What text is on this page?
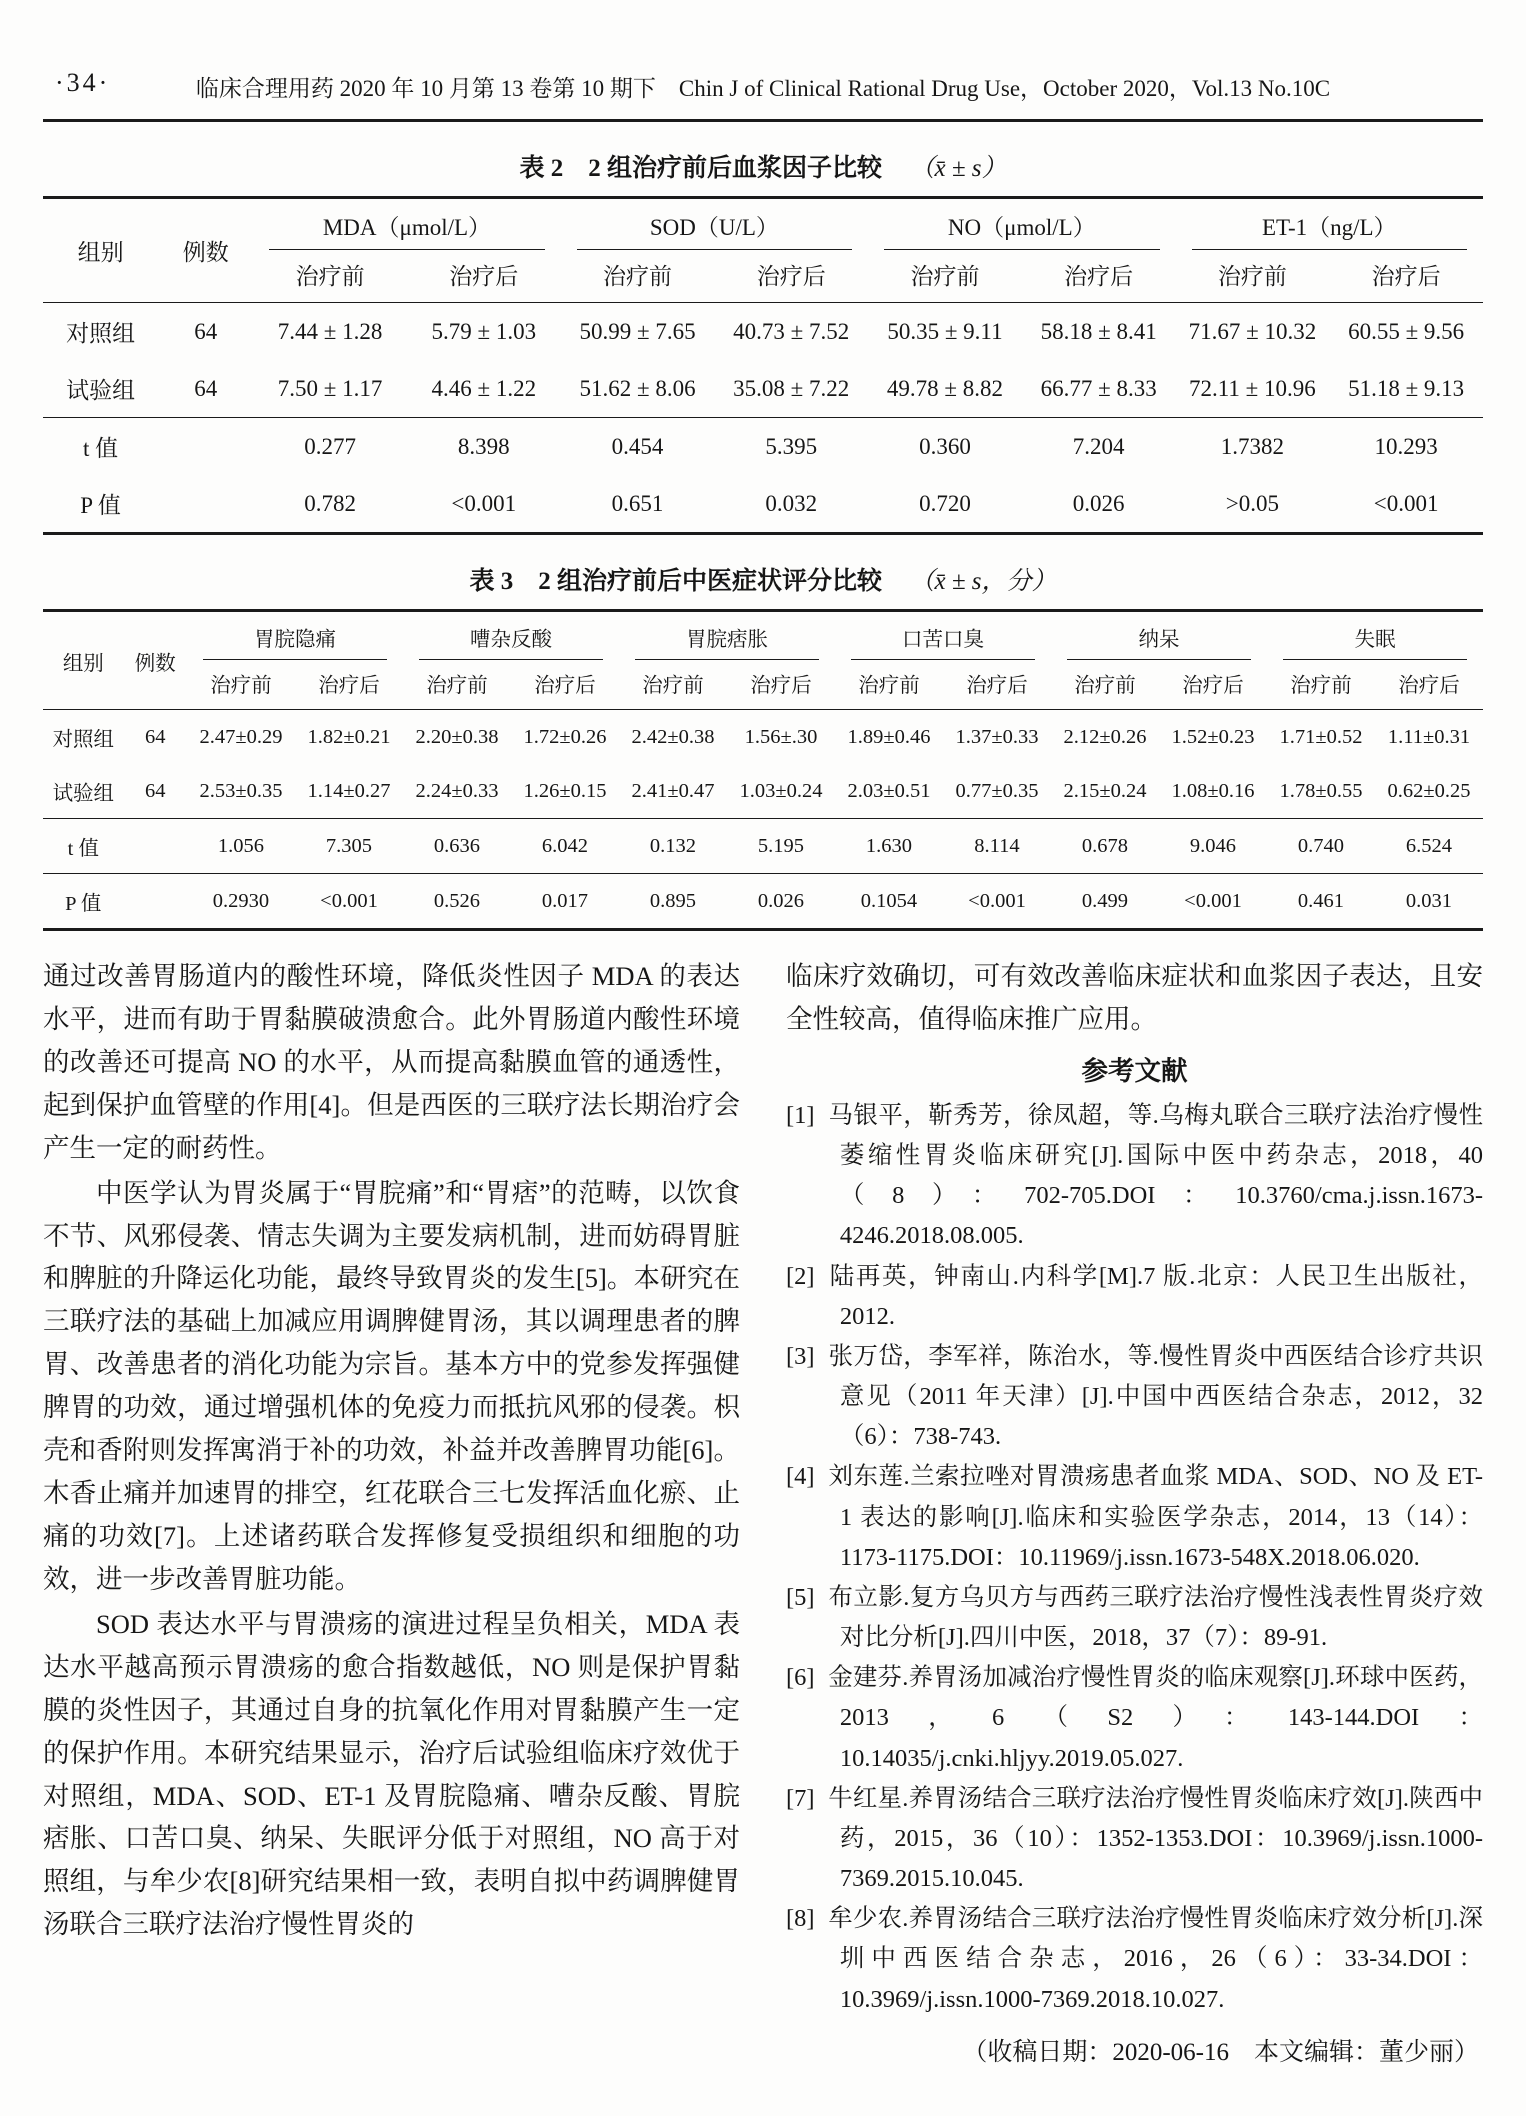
·34·	临床合理用药 2020 年 10 月第 13 卷第 10 期下　Chin J of Clinical Rational Drug Use，October 2020，Vol.13 No.10C
表 2 2 组治疗前后血浆因子比较 （x̄ ± s）
组别	例数	MDA（μmol/L）		SOD（U/L）		NO（μmol/L）		ET-1（ng/L）	

		治疗前	治疗后	治疗前	治疗后	治疗前	治疗后	治疗前	治疗后
对照组	64	7.44 ± 1.28	5.79 ± 1.03	50.99 ± 7.65	40.73 ± 7.52	50.35 ± 9.11	58.18 ± 8.41	71.67 ± 10.32	60.55 ± 9.56
试验组	64	7.50 ± 1.17	4.46 ± 1.22	51.62 ± 8.06	35.08 ± 7.22	49.78 ± 8.82	66.77 ± 8.33	72.11 ± 10.96	51.18 ± 9.13
t 值		0.277	8.398	0.454	5.395	0.360	7.204	1.7382	10.293
P 值		0.782	<0.001	0.651	0.032	0.720	0.026	>0.05	<0.001
表 3 2 组治疗前后中医症状评分比较 （x̄ ± s，分）
组别	例数	胃脘隐痛		嘈杂反酸		胃脘痞胀		口苦口臭		纳呆		失眠	

		治疗前	治疗后	治疗前	治疗后	治疗前	治疗后	治疗前	治疗后	治疗前	治疗后	治疗前	治疗后
对照组	64	2.47±0.29	1.82±0.21	2.20±0.38	1.72±0.26	2.42±0.38	1.56±.30	1.89±0.46	1.37±0.33	2.12±0.26	1.52±0.23	1.71±0.52	1.11±0.31
试验组	64	2.53±0.35	1.14±0.27	2.24±0.33	1.26±0.15	2.41±0.47	1.03±0.24	2.03±0.51	0.77±0.35	2.15±0.24	1.08±0.16	1.78±0.55	0.62±0.25
t 值		1.056	7.305	0.636	6.042	0.132	5.195	1.630	8.114	0.678	9.046	0.740	6.524
P 值		0.2930	<0.001	0.526	0.017	0.895	0.026	0.1054	<0.001	0.499	<0.001	0.461	0.031

通过改善胃肠道内的酸性环境，降低炎性因子 MDA 的表达水平，进而有助于胃黏膜破溃愈合。此外胃肠道内酸性环境的改善还可提高 NO 的水平，从而提高黏膜血管的通透性，起到保护血管壁的作用[4]。但是西医的三联疗法长期治疗会产生一定的耐药性。

中医学认为胃炎属于“胃脘痛”和“胃痞”的范畴，以饮食不节、风邪侵袭、情志失调为主要发病机制，进而妨碍胃脏和脾脏的升降运化功能，最终导致胃炎的发生[5]。本研究在三联疗法的基础上加减应用调脾健胃汤，其以调理患者的脾胃、改善患者的消化功能为宗旨。基本方中的党参发挥强健脾胃的功效，通过增强机体的免疫力而抵抗风邪的侵袭。枳壳和香附则发挥寓消于补的功效，补益并改善脾胃功能[6]。木香止痛并加速胃的排空，红花联合三七发挥活血化瘀、止痛的功效[7]。上述诸药联合发挥修复受损组织和细胞的功效，进一步改善胃脏功能。

SOD 表达水平与胃溃疡的演进过程呈负相关，MDA 表达水平越高预示胃溃疡的愈合指数越低，NO 则是保护胃黏膜的炎性因子，其通过自身的抗氧化作用对胃黏膜产生一定的保护作用。本研究结果显示，治疗后试验组临床疗效优于对照组，MDA、SOD、ET-1 及胃脘隐痛、嘈杂反酸、胃脘痞胀、口苦口臭、纳呆、失眠评分低于对照组，NO 高于对照组，与牟少农[8]研究结果相一致，表明自拟中药调脾健胃汤联合三联疗法治疗慢性胃炎的

临床疗效确切，可有效改善临床症状和血浆因子表达，且安全性较高，值得临床推广应用。

参考文献
[1] 马银平，靳秀芳，徐凤超，等.乌梅丸联合三联疗法治疗慢性萎缩性胃炎临床研究[J].国际中医中药杂志，2018，40（8）：702-705.DOI：10.3760/cma.j.issn.1673-4246.2018.08.005.
[2] 陆再英，钟南山.内科学[M].7 版.北京：人民卫生出版社，2012.
[3] 张万岱，李军祥，陈治水，等.慢性胃炎中西医结合诊疗共识意见（2011 年天津）[J].中国中西医结合杂志，2012，32（6）：738-743.
[4] 刘东莲.兰索拉唑对胃溃疡患者血浆 MDA、SOD、NO 及 ET-1 表达的影响[J].临床和实验医学杂志，2014，13（14）：1173-1175.DOI：10.11969/j.issn.1673-548X.2018.06.020.
[5] 布立影.复方乌贝方与西药三联疗法治疗慢性浅表性胃炎疗效对比分析[J].四川中医，2018，37（7）：89-91.
[6] 金建芬.养胃汤加减治疗慢性胃炎的临床观察[J].环球中医药，2013，6（S2）：143-144.DOI：10.14035/j.cnki.hljyy.2019.05.027.
[7] 牛红星.养胃汤结合三联疗法治疗慢性胃炎临床疗效[J].陕西中药，2015，36（10）：1352-1353.DOI：10.3969/j.issn.1000-7369.2015.10.045.
[8] 牟少农.养胃汤结合三联疗法治疗慢性胃炎临床疗效分析[J].深圳中西医结合杂志，2016，26（6）：33-34.DOI：10.3969/j.issn.1000-7369.2018.10.027.
（收稿日期：2020-06-16　本文编辑：董少丽）
